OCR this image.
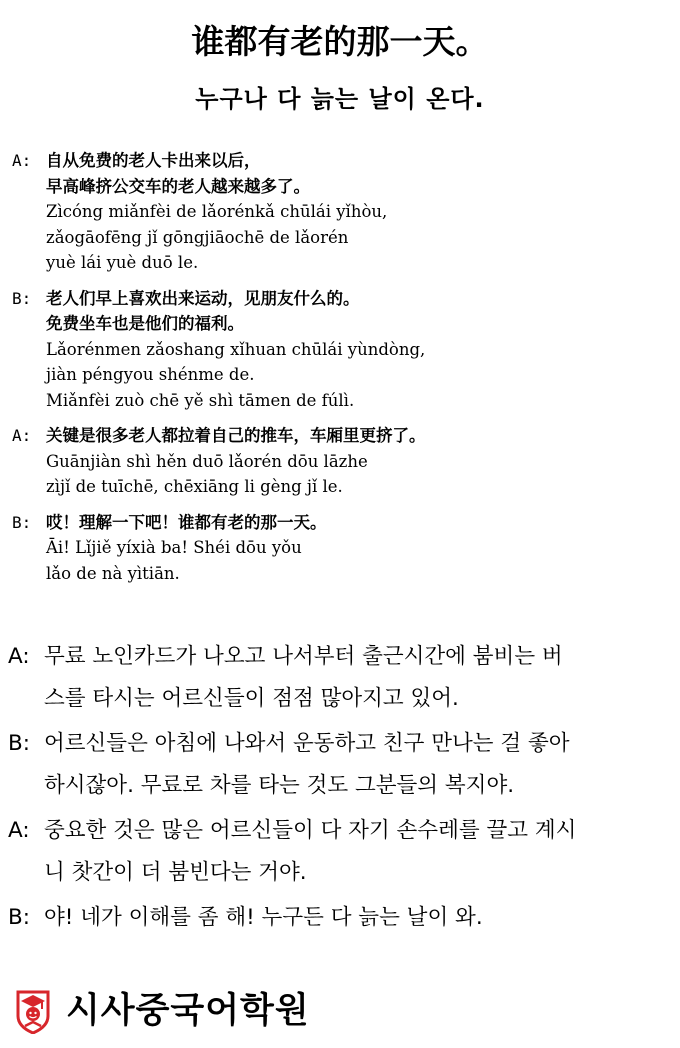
谁都有老的那一天。
누구나 다 늙는 날이 온다.
A: 自从免费的老人卡出来以后，
早高峰挤公交车的老人越来越多了。
Zìcóng miǎnfèi de lǎorénkǎ chūlái yǐhòu,
zǎogāofēng jǐ gōngjiāochē de lǎorén
yuè lái yuè duō le.
B: 老人们早上喜欢出来运动，见朋友什么的。
免费坐车也是他们的福利。
Lǎorénmen zǎoshang xǐhuan chūlái yùndòng,
jiàn péngyou shénme de.
Miǎnfèi zuò chē yě shì tāmen de fúlì.
A: 关键是很多老人都拉着自己的推车，车厢里更挤了。
Guānjiàn shì hěn duō lǎorén dōu lāzhe
zìjǐ de tuīchē, chēxiāng li gèng jǐ le.
B: 哎！理解一下吧！谁都有老的那一天。
Āi! Lǐjiě yíxià ba! Shéi dōu yǒu
lǎo de nà yìtiān.
A: 무료 노인카드가 나오고 나서부터 출근시간에 붐비는 버
스를 타시는 어르신들이 점점 많아지고 있어.
B: 어르신들은 아침에 나와서 운동하고 친구 만나는 걸 좋아
하시잖아. 무료로 차를 타는 것도 그분들의 복지야.
A: 중요한 것은 많은 어르신들이 다 자기 손수레를 끌고 계시
니 찻간이 더 붐빈다는 거야.
B: 야! 네가 이해를 좀 해! 누구든 다 늙는 날이 와.
시사중국어학원
